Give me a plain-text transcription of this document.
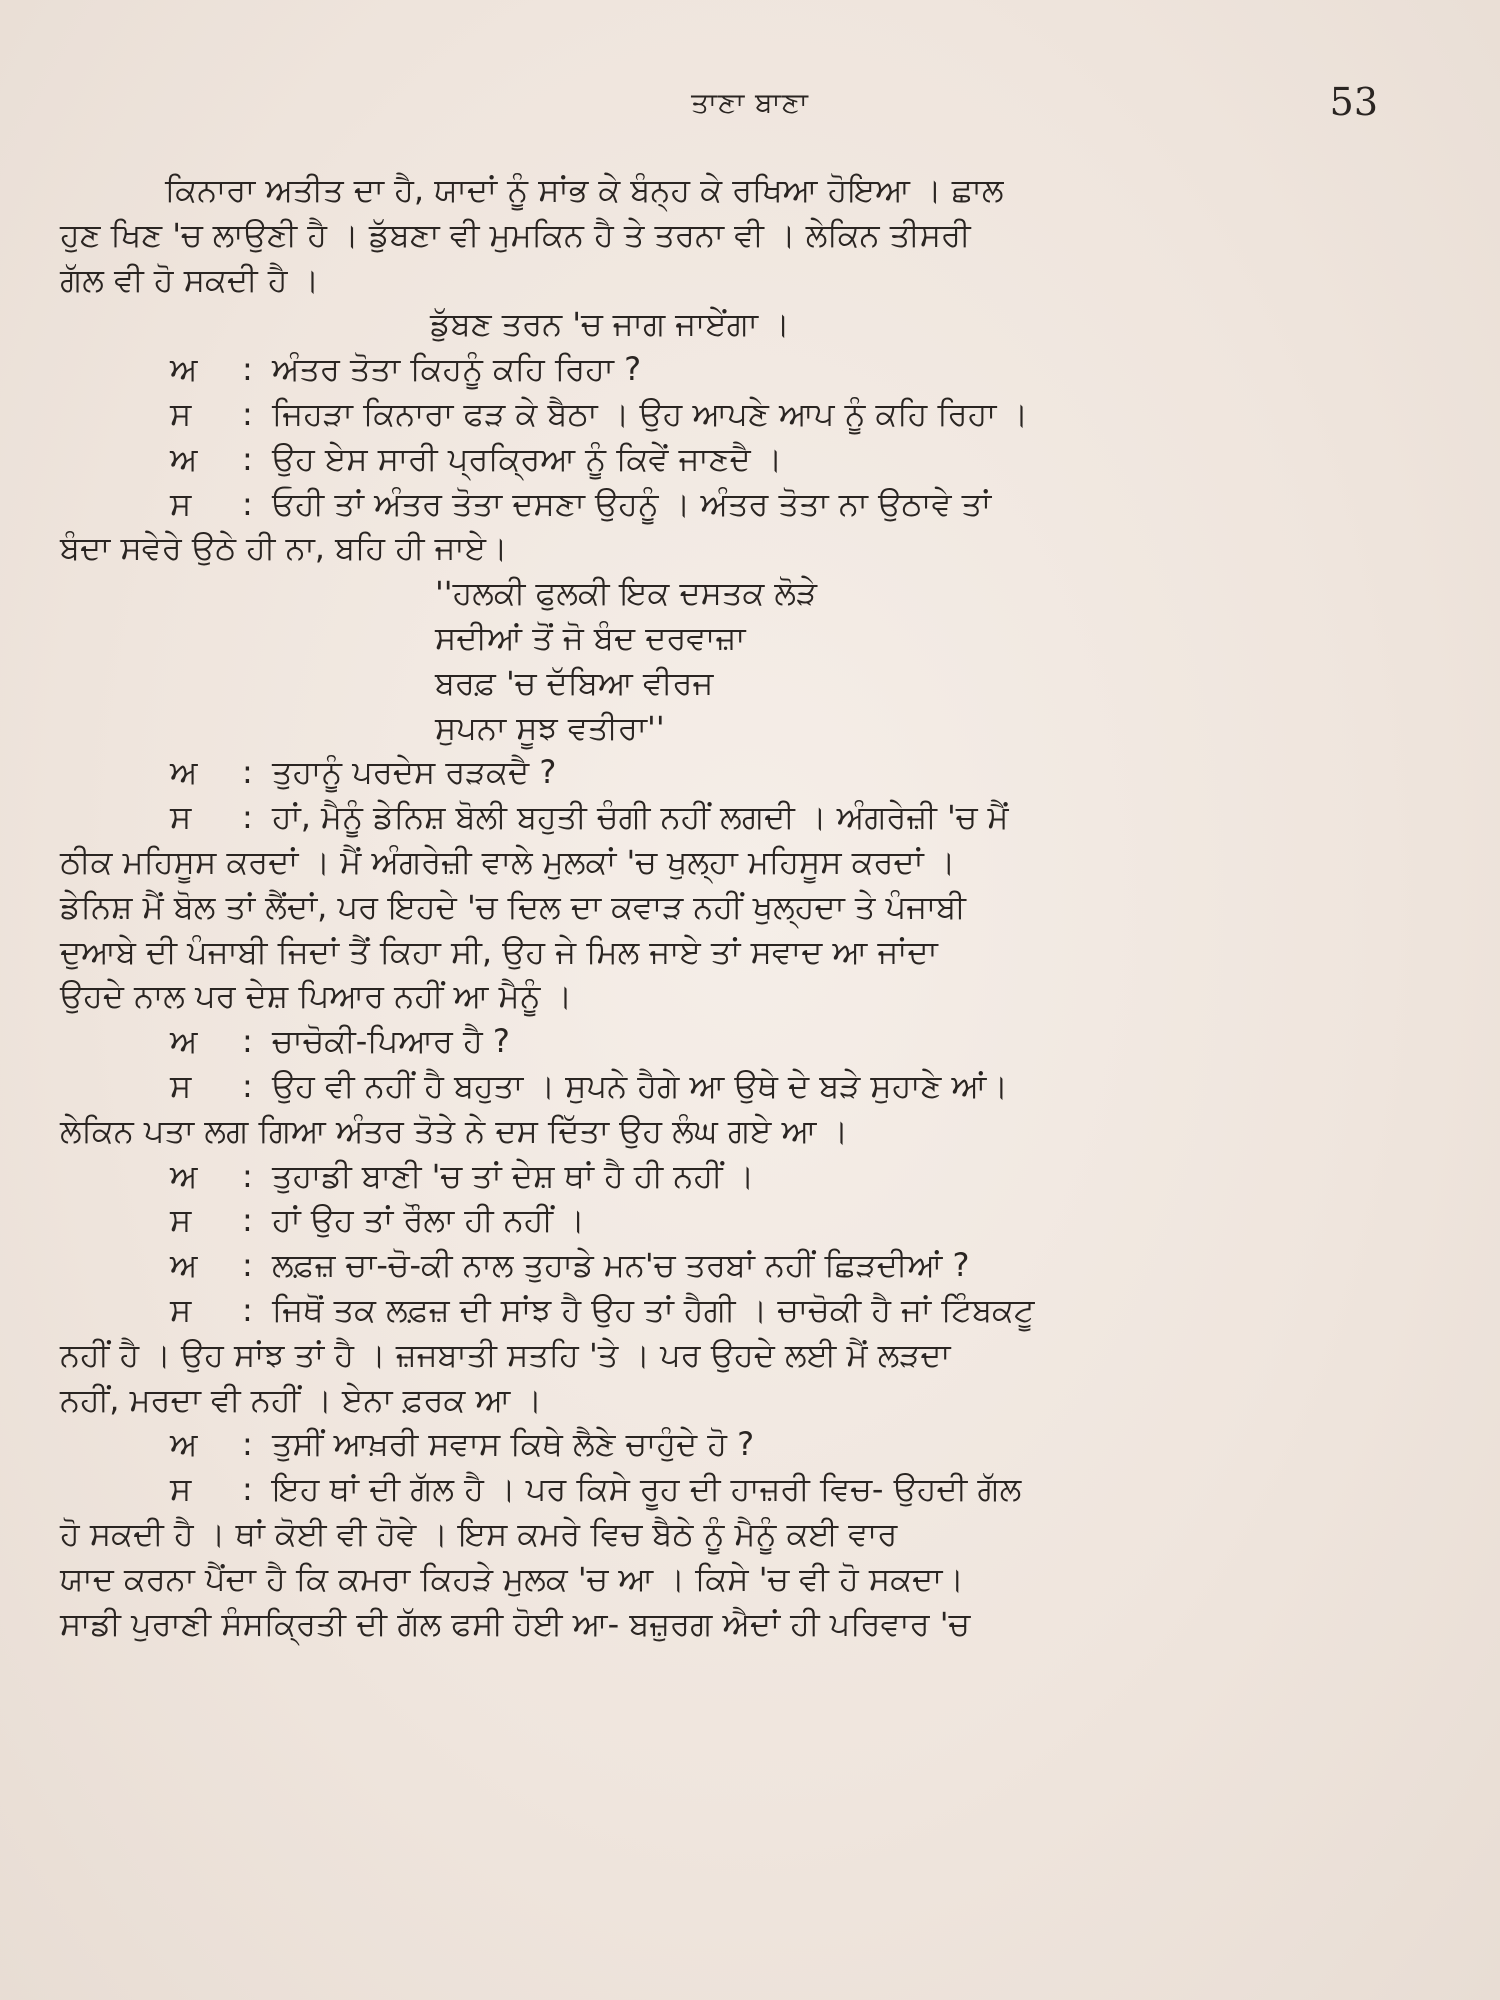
ਤਾਣਾ ਬਾਣਾ	53
ਕਿਨਾਰਾ ਅਤੀਤ ਦਾ ਹੈ, ਯਾਦਾਂ ਨੂੰ ਸਾਂਭ ਕੇ ਬੰਨ੍ਹ ਕੇ ਰਖਿਆ ਹੋਇਆ । ਛਾਲ
ਹੁਣ ਖਿਣ 'ਚ ਲਾਉਣੀ ਹੈ । ਡੁੱਬਣਾ ਵੀ ਮੁਮਕਿਨ ਹੈ ਤੇ ਤਰਨਾ ਵੀ । ਲੇਕਿਨ ਤੀਸਰੀ
ਗੱਲ ਵੀ ਹੋ ਸਕਦੀ ਹੈ ।
ਡੁੱਬਣ ਤਰਨ 'ਚ ਜਾਗ ਜਾਏਂਗਾ ।
ਅ : ਅੰਤਰ ਤੋਤਾ ਕਿਹਨੂੰ ਕਹਿ ਰਿਹਾ ?
ਸ : ਜਿਹੜਾ ਕਿਨਾਰਾ ਫੜ ਕੇ ਬੈਠਾ । ਉਹ ਆਪਣੇ ਆਪ ਨੂੰ ਕਹਿ ਰਿਹਾ ।
ਅ : ਉਹ ਏਸ ਸਾਰੀ ਪ੍ਰਕ੍ਰਿਆ ਨੂੰ ਕਿਵੇਂ ਜਾਣਦੈ ।
ਸ : ਓਹੀ ਤਾਂ ਅੰਤਰ ਤੋਤਾ ਦਸਣਾ ਉਹਨੂੰ । ਅੰਤਰ ਤੋਤਾ ਨਾ ਉਠਾਵੇ ਤਾਂ
ਬੰਦਾ ਸਵੇਰੇ ਉਠੇ ਹੀ ਨਾ, ਬਹਿ ਹੀ ਜਾਏ।
''ਹਲਕੀ ਫੁਲਕੀ ਇਕ ਦਸਤਕ ਲੋੜੇ
ਸਦੀਆਂ ਤੋਂ ਜੋ ਬੰਦ ਦਰਵਾਜ਼ਾ
ਬਰਫ਼ 'ਚ ਦੱਬਿਆ ਵੀਰਜ
ਸੁਪਨਾ ਸੂਝ ਵਤੀਰਾ''
ਅ : ਤੁਹਾਨੂੰ ਪਰਦੇਸ ਰੜਕਦੈ ?
ਸ : ਹਾਂ, ਮੈਨੂੰ ਡੇਨਿਸ਼ ਬੋਲੀ ਬਹੁਤੀ ਚੰਗੀ ਨਹੀਂ ਲਗਦੀ । ਅੰਗਰੇਜ਼ੀ 'ਚ ਮੈਂ
ਠੀਕ ਮਹਿਸੂਸ ਕਰਦਾਂ । ਮੈਂ ਅੰਗਰੇਜ਼ੀ ਵਾਲੇ ਮੁਲਕਾਂ 'ਚ ਖੁਲ੍ਹਾ ਮਹਿਸੂਸ ਕਰਦਾਂ ।
ਡੇਨਿਸ਼ ਮੈਂ ਬੋਲ ਤਾਂ ਲੈਂਦਾਂ, ਪਰ ਇਹਦੇ 'ਚ ਦਿਲ ਦਾ ਕਵਾੜ ਨਹੀਂ ਖੁਲ੍ਹਦਾ ਤੇ ਪੰਜਾਬੀ
ਦੁਆਬੇ ਦੀ ਪੰਜਾਬੀ ਜਿਦਾਂ ਤੈਂ ਕਿਹਾ ਸੀ, ਉਹ ਜੇ ਮਿਲ ਜਾਏ ਤਾਂ ਸਵਾਦ ਆ ਜਾਂਦਾ
ਉਹਦੇ ਨਾਲ ਪਰ ਦੇਸ਼ ਪਿਆਰ ਨਹੀਂ ਆ ਮੈਨੂੰ ।
ਅ : ਚਾਚੋਕੀ-ਪਿਆਰ ਹੈ ?
ਸ : ਉਹ ਵੀ ਨਹੀਂ ਹੈ ਬਹੁਤਾ । ਸੁਪਨੇ ਹੈਗੇ ਆ ਉਥੇ ਦੇ ਬੜੇ ਸੁਹਾਣੇ ਆਂ।
ਲੇਕਿਨ ਪਤਾ ਲਗ ਗਿਆ ਅੰਤਰ ਤੋਤੇ ਨੇ ਦਸ ਦਿੱਤਾ ਉਹ ਲੰਘ ਗਏ ਆ ।
ਅ : ਤੁਹਾਡੀ ਬਾਣੀ 'ਚ ਤਾਂ ਦੇਸ਼ ਥਾਂ ਹੈ ਹੀ ਨਹੀਂ ।
ਸ : ਹਾਂ ਉਹ ਤਾਂ ਰੌਲਾ ਹੀ ਨਹੀਂ ।
ਅ : ਲਫ਼ਜ਼ ਚਾ-ਚੋ-ਕੀ ਨਾਲ ਤੁਹਾਡੇ ਮਨ'ਚ ਤਰਬਾਂ ਨਹੀਂ ਛਿੜਦੀਆਂ ?
ਸ : ਜਿਥੋਂ ਤਕ ਲਫ਼ਜ਼ ਦੀ ਸਾਂਝ ਹੈ ਉਹ ਤਾਂ ਹੈਗੀ । ਚਾਚੋਕੀ ਹੈ ਜਾਂ ਟਿੰਬਕਟੂ
ਨਹੀਂ ਹੈ । ਉਹ ਸਾਂਝ ਤਾਂ ਹੈ । ਜ਼ਜਬਾਤੀ ਸਤਹਿ 'ਤੇ । ਪਰ ਉਹਦੇ ਲਈ ਮੈਂ ਲੜਦਾ
ਨਹੀਂ, ਮਰਦਾ ਵੀ ਨਹੀਂ । ਏਨਾ ਫ਼ਰਕ ਆ ।
ਅ : ਤੁਸੀਂ ਆਖ਼ਰੀ ਸਵਾਸ ਕਿਥੇ ਲੈਣੇ ਚਾਹੁੰਦੇ ਹੋ ?
ਸ : ਇਹ ਥਾਂ ਦੀ ਗੱਲ ਹੈ । ਪਰ ਕਿਸੇ ਰੂਹ ਦੀ ਹਾਜ਼ਰੀ ਵਿਚ- ਉਹਦੀ ਗੱਲ
ਹੋ ਸਕਦੀ ਹੈ । ਥਾਂ ਕੋਈ ਵੀ ਹੋਵੇ । ਇਸ ਕਮਰੇ ਵਿਚ ਬੈਠੇ ਨੂੰ ਮੈਨੂੰ ਕਈ ਵਾਰ
ਯਾਦ ਕਰਨਾ ਪੈਂਦਾ ਹੈ ਕਿ ਕਮਰਾ ਕਿਹੜੇ ਮੁਲਕ 'ਚ ਆ । ਕਿਸੇ 'ਚ ਵੀ ਹੋ ਸਕਦਾ।
ਸਾਡੀ ਪੁਰਾਣੀ ਸੰਸਕ੍ਰਿਤੀ ਦੀ ਗੱਲ ਫਸੀ ਹੋਈ ਆ- ਬਜ਼ੁਰਗ ਐਦਾਂ ਹੀ ਪਰਿਵਾਰ 'ਚ
